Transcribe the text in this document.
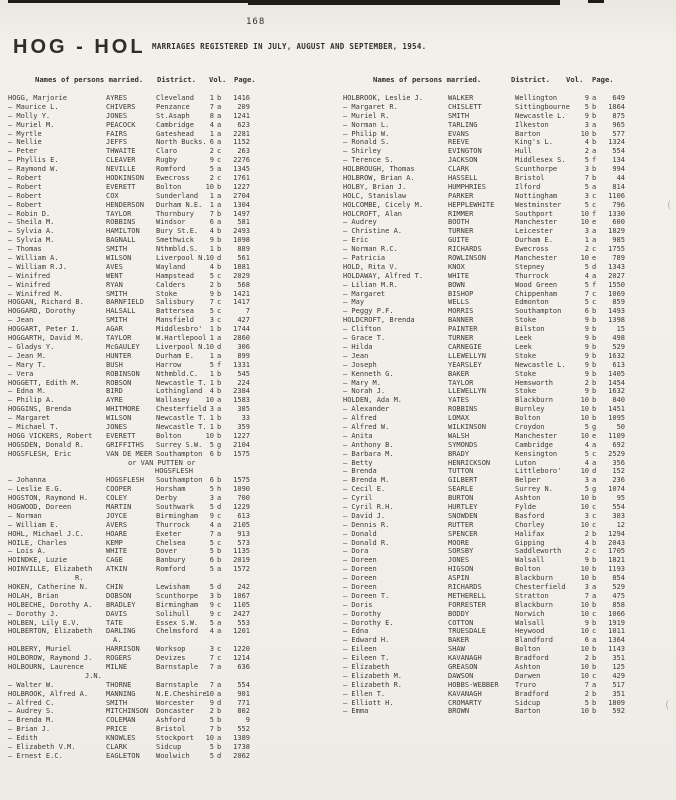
168
HOG - HOL MARRIAGES REGISTERED IN JULY, AUGUST AND SEPTEMBER, 1954.
Names of persons married. District. Vol. Page.	Names of persons married.	District. Vol. Page.
HOGG, Marjorie	AYRES	Cleveland	1 b	1416
— Maurice L.	CHIVERS	Penzance	7 a	209
— Molly Y.	JONES	St.Asaph	8 a	1241
— Muriel M.	PEACOCK	Cambridge	4 a	623
— Myrtle	FAIRS	Gateshead	1 a	2281
— Nellie	JEFFS	North Bucks. 6 a	1152
— Peter	THWAITE	Claro	2 c	263
— Phyllis E.	CLEAVER	Rugby	9 c	2276
— Raymond W.	NEVILLE	Romford	5 a	1345
— Robert	HODKINSON	Ewecross	2 c	1761
— Robert	EVERETT	Bolton	10 b	1227
— Robert	COX	Sunderland	1 a	2704
— Robert	HENDERSON	Durham N.E.	1 a	1304
— Robin D.	TAYLOR	Thornbury	7 b	1497
— Sheila M.	ROBBINS	Windsor	6 a	581
— Sylvia A.	HAMILTON	Bury St.E.	4 b	2493
— Sylvia M.	BAGNALL	Smethwick	9 b	1098
— Thomas	SMITH	Nthmbld.S.	1 b	889
— William A.	WILSON	Liverpool N.
10 d	561
— William R.J.	AVES	Wayland	4 b	1881
— Winifred	WENT	Hampstead	5 c	2029
— Winifred	RYAN	Calders	2 b	568
— Winifred M.	SMITH	Stoke	9 b	1421
HOGGAN, Richard B.	BARNFIELD	Salisbury	7 c	1417
HOGGARD, Dorothy	HALSALL	Battersea	5 c	7
— Jean	SMITH	Mansfield	3 c	427
HOGGART, Peter I.	AGAR	Middlesbro'	1 b	1744
HOGGARTH, David M.	TAYLOR	W.Hartlepool 1 a	2860
— Gladys Y.	McGAULEY	Liverpool N.
10 d	306
— Jean M.	HUNTER	Durham E.	1 a	899
— Mary T.	BUSH	Harrow	5 f	1331
— Vera	ROBINSON	Nthmbld.C.	1 b	545
HOGGETT, Edith M.	ROBSON	Newcastle T. 1 b	224
— Edna M.	BIRD	Lothingland	4 b	2384
— Philip A.	AYRE	Wallasey	10 a	1583
HOGGINS, Brenda	WHITMORE	Chesterfield 3 a	385
— Margaret	WILSON	Newcastle T. 1 b	33
— Michael T.	JONES	Newcastle T. 1 b	359
HOGG VICKERS, Robert	EVERETT	Bolton	10 b	1227
HOGSDEN, Donald R.	GRIFFITHS	Surrey S.W.	5 g	2104
HOGSFLESH, Eric	VAN DE MEER Southampton	6 b	1575
or VAN PUTTEN or
HOGSFLESH
— Johanna	HOGSFLESH	Southampton	6 b	1575
— Leslie E.G.	COOPER	Horsham	5 h	1090
HOGSTON, Raymond H.	COLEY	Derby	3 a	700
HOGWOOD, Doreen	MARTIN	Southwark	5 d	1229
— Norman	JOYCE	Birmingham	9 c	613
— William E.	AVERS	Thurrock	4 a	2105
HOHL, Michael J.C.	HOARE	Exeter	7 a	913
HOILE, Charles	KEMP	Chelsea	5 c	573
— Lois A.	WHITE	Dover	5 b	1135
HOINDKE, Luzie	CAGE	Banbury	6 b	2019
HOINVILLE, Elizabeth	ATKIN	Romford	5 a	1572
R.
HOKEN, Catherine N.	CHIN	Lewisham	5 d	242
HOLAH, Brian	DOBSON	Scunthorpe	3 b	1067
HOLBECHE, Dorothy A.	BRADLEY	Birmingham	9 c	1105
— Dorothy J.	DAVIS	Solihull	9 c	2427
HOLBEN, Lily E.V.	TATE	Essex S.W.	5 a	553
HOLBERTON, Elizabeth	DARLING	Chelmsford	4 a	1201
A.
HOLBERY, Muriel	HARRISON	Worksop	3 c	1220
HOLBOROW, Raymond J.	ROGERS	Devizes	7 c	1214
HOLBOURN, Laurence	MILNE	Barnstaple	7 a	636
J.N.
— Walter W.	THORNE	Barnstaple	7 a	554
HOLBROOK, Alfred A.	MANNING	N.E.Cheshire
10 a	901
— Alfred C.	SMITH	Worcester	9 d	771
— Audrey S.	MITCHINSON	Doncaster	2 b	802
— Brenda M.	COLEMAN	Ashford	5 b	9
— Brian J.	PRICE	Bristol	7 b	552
— Edith	KNOWLES	Stockport	10 a	1389
— Elizabeth V.M.	CLARK	Sidcup	5 b	1738
— Ernest E.C.	EAGLETON	Woolwich	5 d	2062
HOLBROOK, Leslie J.	WALKER	Wellington	9 a	649
— Margaret R.	CHISLETT	Sittingbourne	5 b	1864
— Muriel R.	SMITH	Newcastle L.	9 b	875
— Norman L.	TARLING	Ilkeston	3 a	965
— Philip W.	EVANS	Barton	10 b	577
— Ronald S.	REEVE	King's L.	4 b	1324
— Shirley	EVINGTON	Hull	2 a	554
— Terence S.	JACKSON	Middlesex S.	5 f	134
HOLBROUGH, Thomas	CLARK	Scunthorpe	3 b	994
HOLBROW, Brian A.	HASSELL	Bristol	7 b	44
HOLBY, Brian J.	HUMPHRIES	Ilford	5 a	814
HOLC, Stanislaw	PARKER	Nottingham	3 c	1106
HOLCOMBE, Cicely M.	HEPPLEWHITE	Westminster	5 c	796
HOLCROFT, Alan	RIMMER	Southport	10 f	1330
— Audrey	BOOTH	Manchester	10 e	600
— Christine A.	TURNER	Leicester	3 a	1829
— Eric	GUITE	Durham E.	1 a	985
— Norman R.C.	RICHARDS	Ewecross	2 c	1755
— Patricia	ROWLINSON	Manchester	10 e	789
HOLD, Rita V.	KNOX	Stepney	5 d	1343
HOLDAWAY, Alfred T.	WHITE	Thurrock	4 a	2027
— Lilian M.R.	BOWN	Wood Green	5 f	1550
— Margaret	BISHOP	Chippenham	7 c	1069
— May	WELLS	Edmonton	5 c	859
— Peggy P.F.	MORRIS	Southampton	6 b	1493
HOLDCROFT, Brenda	BANNER	Stoke	9 b	1398
— Clifton	PAINTER	Bilston	9 b	15
— Grace T.	TURNER	Leek	9 b	498
— Hilda	CARNEGIE	Leek	9 b	529
— Jean	LLEWELLYN	Stoke	9 b	1632
— Joseph	YEARSLEY	Newcastle L.	9 b	613
— Kenneth G.	BAKER	Stoke	9 b	1405
— Mary M.	TAYLOR	Hemsworth	2 b	1454
— Norah J.	LLEWELLYN	Stoke	9 b	1632
HOLDEN, Ada M.	YATES	Blackburn	10 b	840
— Alexander	ROBBINS	Burnley	10 b	1451
— Alfred	LOMAX	Bolton	10 b	1095
— Alfred W.	WILKINSON	Croydon	5 g	50
— Anita	WALSH	Manchester	10 e	1109
— Anthony B.	SYMONDS	Cambridge	4 a	692
— Barbara M.	BRADY	Kensington	5 c	2529
— Betty	HENRICKSON	Luton	4 a	356
— Brenda	TUTTON	Littleboro'	10 d	152
— Brenda M.	GILBERT	Belper	3 a	236
— Cecil E.	SEARLE	Surrey N.	5 g	1074
— Cyril	BURTON	Ashton	10 b	95
— Cyril R.H.	HURTLEY	Fylde	10 c	554
— David J.	SNOWDEN	Basford	3 c	303
— Dennis R.	RUTTER	Chorley	10 c	12
— Donald	SPENCER	Halifax	2 b	1294
— Donald R.	MOORE	Gipping	4 b	2043
— Dora	SORSBY	Saddleworth	2 c	1705
— Doreen	JONES	Walsall	9 b	1821
— Doreen	HIGSON	Bolton	10 b	1193
— Doreen	ASPIN	Blackburn	10 b	854
— Doreen	RICHARDS	Chesterfield	3 a	529
— Doreen T.	METHERELL	Stratton	7 a	475
— Doris	FORRESTER	Blackburn	10 b	858
— Dorothy	BODDY	Norwich	10 c	1066
— Dorothy E.	COTTON	Walsall	9 b	1919
— Edna	TRUESDALE	Heywood	10 c	1011
— Edward H.	BAKER	Blandford	6 a	1364
— Eileen	SHAW	Bolton	10 b	1143
— Eileen T.	KAVANAGH	Bradford	2 b	351
— Elizabeth	GREASON	Ashton	10 b	125
— Elizabeth M.	DAWSON	Darwen	10 c	429
— Elizabeth R.	HOBBS-WEBBER	Truro	7 a	517
— Ellen T.	KAVANAGH	Bradford	2 b	351
— Elliott H.	CROMARTY	Sidcup	5 b	1809
— Emma	BROWN	Barton	10 b	592
(
(
